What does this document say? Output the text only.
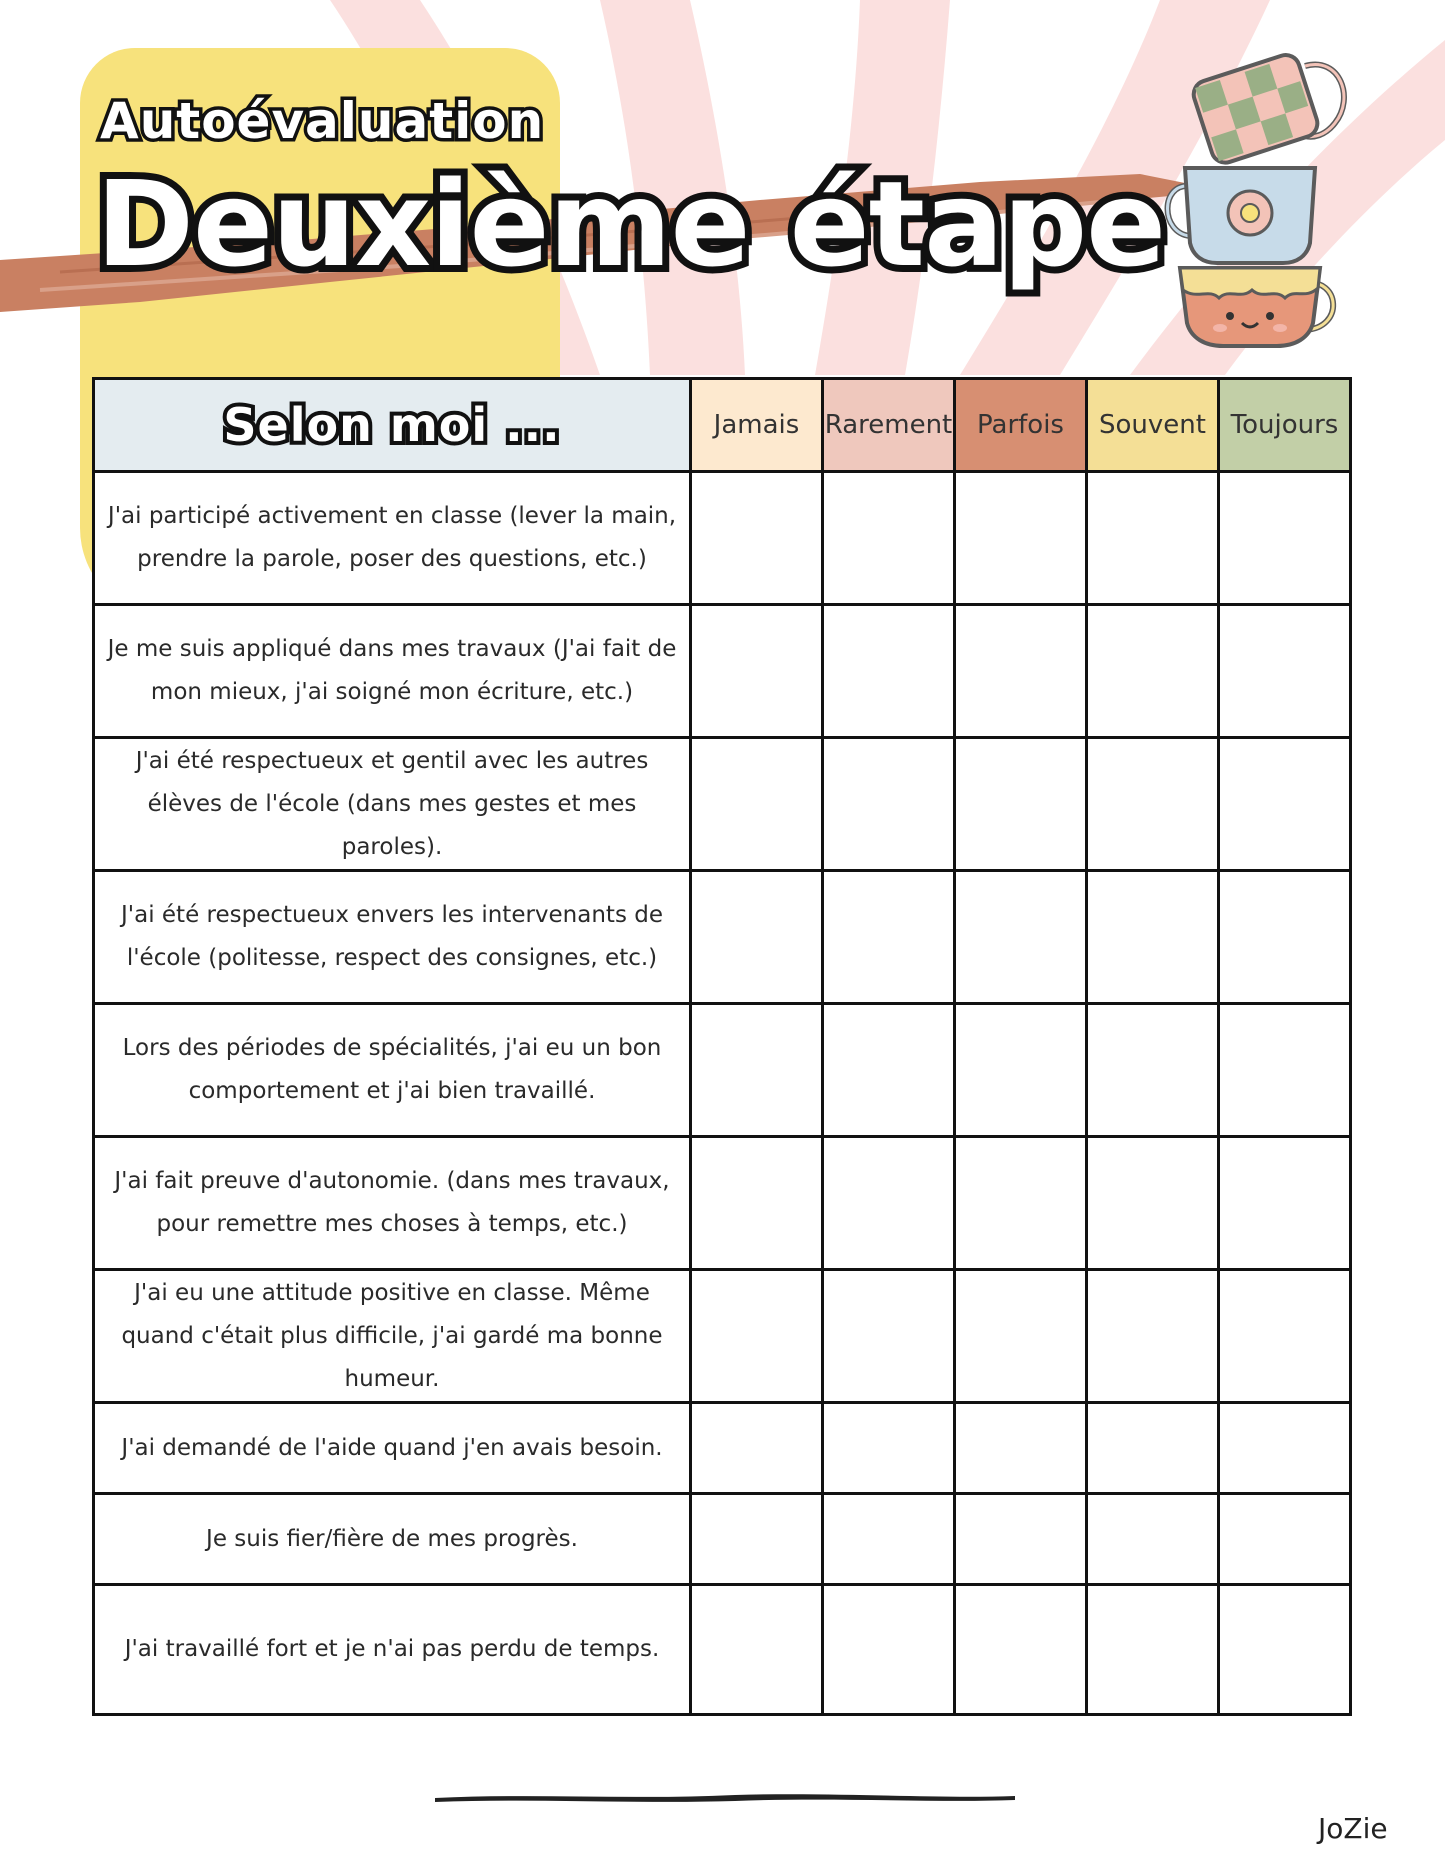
Autoévaluation
Deuxième étape
Selon moi ...	Jamais	Rarement	Parfois	Souvent	Toujours
J'ai participé activement en classe (lever la main, prendre la parole, poser des questions, etc.)					
Je me suis appliqué dans mes travaux (J'ai fait de mon mieux, j'ai soigné mon écriture, etc.)					
J'ai été respectueux et gentil avec les autres élèves de l'école (dans mes gestes et mes paroles).					
J'ai été respectueux envers les intervenants de l'école (politesse, respect des consignes, etc.)					
Lors des périodes de spécialités, j'ai eu un bon comportement et j'ai bien travaillé.					
J'ai fait preuve d'autonomie. (dans mes travaux, pour remettre mes choses à temps, etc.)					
J'ai eu une attitude positive en classe. Même quand c'était plus difficile, j'ai gardé ma bonne humeur.					
J'ai demandé de l'aide quand j'en avais besoin.					
Je suis fier/fière de mes progrès.					
J'ai travaillé fort et je n'ai pas perdu de temps.					
JoZie
